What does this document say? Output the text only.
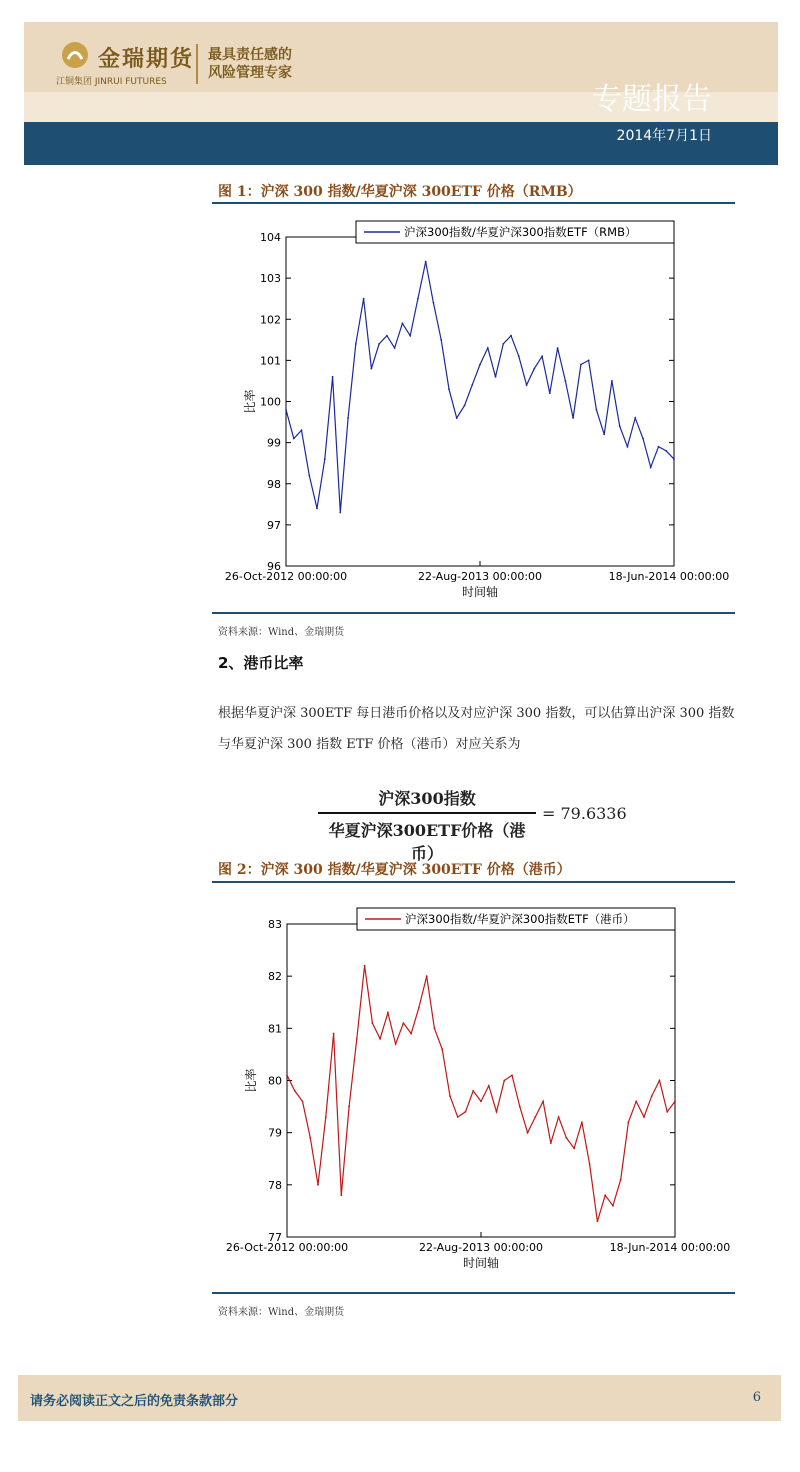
金瑞期货
江铜集团 JINRUI FUTURES
最具责任感的
风险管理专家
专题报告
2014年7月1日
图 1：沪深 300 指数/华夏沪深 300ETF 价格（RMB）
96
97
98
99
100
101
102
103
104
26-Oct-2012 00:00:00	22-Aug-2013 00:00:00	18-Jun-2014 00:00:00
时间轴
比率
沪深300指数/华夏沪深300指数ETF（RMB）
资料来源：Wind、金瑞期货
2、港币比率
根据华夏沪深 300ETF 每日港币价格以及对应沪深 300 指数，可以估算出沪深 300 指数与华夏沪深 300 指数 ETF 价格（港币）对应关系为
沪深300指数
华夏沪深300ETF价格（港币）
= 79.6336
图 2：沪深 300 指数/华夏沪深 300ETF 价格（港币）
77
78
79
80
81
82
83
26-Oct-2012 00:00:00	22-Aug-2013 00:00:00	18-Jun-2014 00:00:00
时间轴
比率
沪深300指数/华夏沪深300指数ETF（港币）
资料来源：Wind、金瑞期货
请务必阅读正文之后的免责条款部分	6
